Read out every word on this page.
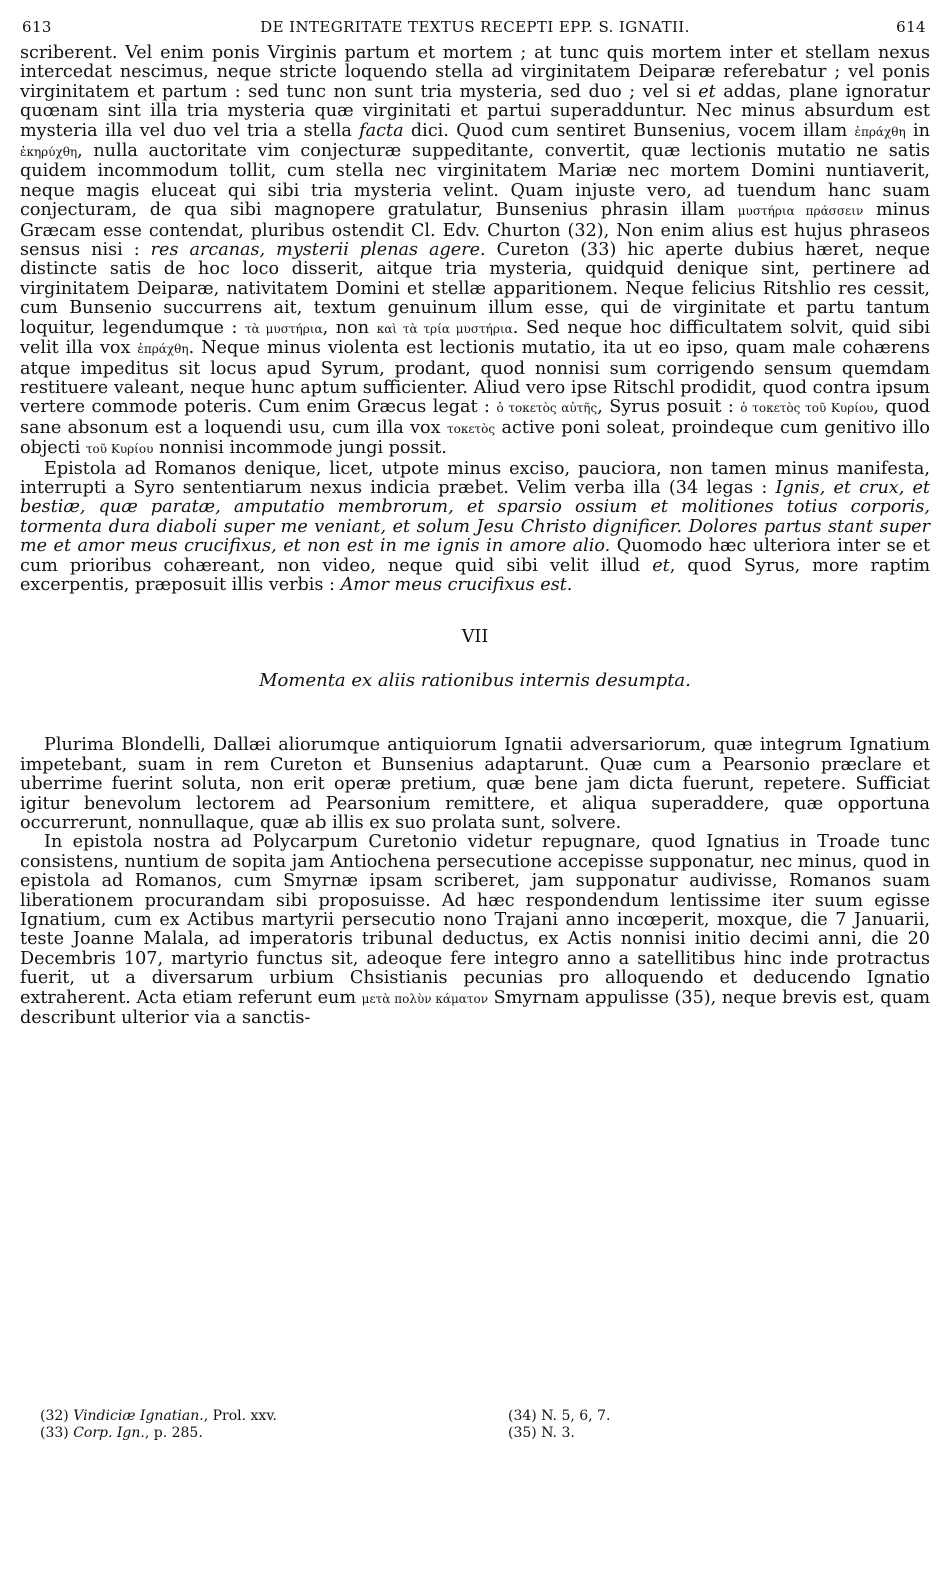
613	DE INTEGRITATE TEXTUS RECEPTI EPP. S. IGNATII.	614

scriberent. Vel enim ponis Virginis partum et mortem ; at tunc quis mortem inter et stellam nexus intercedat nescimus, neque stricte loquendo stella ad virginitatem Deiparæ referebatur ; vel ponis virginitatem et partum : sed tunc non sunt tria mysteria, sed duo ; vel si et addas, plane ignoratur quœnam sint illa tria mysteria quæ virginitati et partui superadduntur. Nec minus absurdum est mysteria illa vel duo vel tria a stella facta dici. Quod cum sentiret Bunsenius, vocem illam ἐπράχθη in ἐκηρύχθη, nulla auctoritate vim conjecturæ suppeditante, convertit, quæ lectionis mutatio ne satis quidem incommodum tollit, cum stella nec virginitatem Mariæ nec mortem Domini nuntiaverit, neque magis eluceat qui sibi tria mysteria velint. Quam injuste vero, ad tuendum hanc suam conjecturam, de qua sibi magnopere gratulatur, Bunsenius phrasin illam μυστήρια πράσσειν minus Græcam esse contendat, pluribus ostendit Cl. Edv. Churton (32), Non enim alius est hujus phraseos sensus nisi : res arcanas, mysterii plenas agere. Cureton (33) hic aperte dubius hæret, neque distincte satis de hoc loco disserit, aitque tria mysteria, quidquid denique sint, pertinere ad virginitatem Deiparæ, nativitatem Domini et stellæ apparitionem. Neque felicius Ritshlio res cessit, cum Bunsenio succurrens ait, textum genuinum illum esse, qui de virginitate et partu tantum loquitur, legendumque : τὰ μυστήρια, non καὶ τὰ τρία μυστήρια. Sed neque hoc difficultatem solvit, quid sibi velit illa vox ἐπράχθη. Neque minus violenta est lectionis mutatio, ita ut eo ipso, quam male cohærens atque impeditus sit locus apud Syrum, prodant, quod nonnisi sum corrigendo sensum quemdam restituere valeant, neque hunc aptum sufficienter. Aliud vero ipse Ritschl prodidit, quod contra ipsum vertere commode poteris. Cum enim Græcus legat : ὁ τοκετὸς αὐτῆς, Syrus posuit : ὁ τοκετὸς τοῦ Κυρίου, quod sane absonum est a loquendi usu, cum illa vox τοκετὸς active poni soleat, proindeque cum genitivo illo objecti τοῦ Κυρίου nonnisi incommode jungi possit.

Epistola ad Romanos denique, licet, utpote minus exciso, pauciora, non tamen minus manifesta, interrupti a Syro sententiarum nexus indicia præbet. Velim verba illa (34 legas : Ignis, et crux, et bestiæ, quæ paratæ, amputatio membrorum, et sparsio ossium et molitiones totius corporis, tormenta dura diaboli super me veniant, et solum Jesu Christo dignificer. Dolores partus stant super me et amor meus crucifixus, et non est in me ignis in amore alio. Quomodo hæc ulteriora inter se et cum prioribus cohæreant, non video, neque quid sibi velit illud et, quod Syrus, more raptim excerpentis, præposuit illis verbis : Amor meus crucifixus est.

VII
Momenta ex aliis rationibus internis desumpta.

Plurima Blondelli, Dallæi aliorumque antiquiorum Ignatii adversariorum, quæ integrum Ignatium impetebant, suam in rem Cureton et Bunsenius adaptarunt. Quæ cum a Pearsonio præclare et uberrime fuerint soluta, non erit operæ pretium, quæ bene jam dicta fuerunt, repetere. Sufficiat igitur benevolum lectorem ad Pearsonium remittere, et aliqua superaddere, quæ opportuna occurrerunt, nonnullaque, quæ ab illis ex suo prolata sunt, solvere.

In epistola nostra ad Polycarpum Curetonio videtur repugnare, quod Ignatius in Troade tunc consistens, nuntium de sopita jam Antiochena persecutione accepisse supponatur, nec minus, quod in epistola ad Romanos, cum Smyrnæ ipsam scriberet, jam supponatur audivisse, Romanos suam liberationem procurandam sibi proposuisse. Ad hæc respondendum lentissime iter suum egisse Ignatium, cum ex Actibus martyrii persecutio nono Trajani anno incœperit, moxque, die 7 Januarii, teste Joanne Malala, ad imperatoris tribunal deductus, ex Actis nonnisi initio decimi anni, die 20 Decembris 107, martyrio functus sit, adeoque fere integro anno a satellitibus hinc inde protractus fuerit, ut a diversarum urbium Chsistianis pecunias pro alloquendo et deducendo Ignatio extraherent. Acta etiam referunt eum μετὰ πολὺν κάματον Smyrnam appulisse (35), neque brevis est, quam describunt ulterior via a sanctis-

(32) Vindiciæ Ignatian., Prol. xxv.
(33) Corp. Ign., p. 285.
(34) N. 5, 6, 7.
(35) N. 3.
